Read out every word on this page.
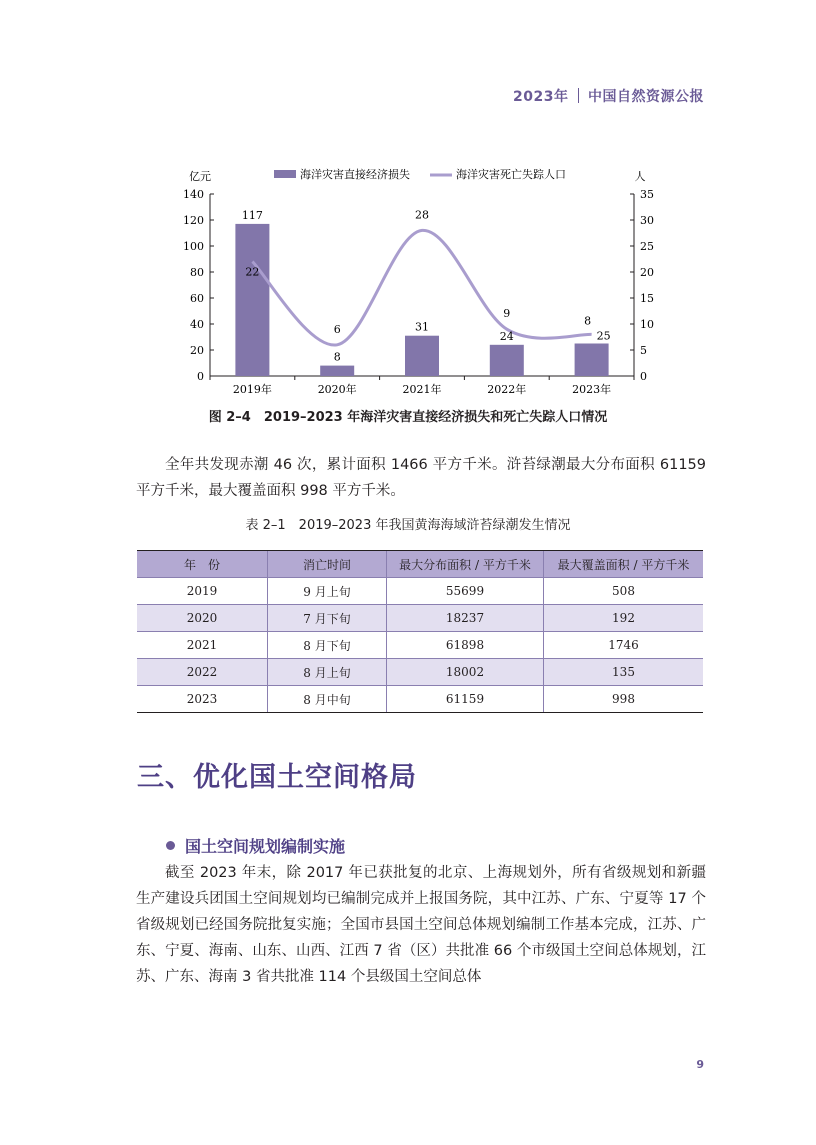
2023年 中国自然资源公报
0
20
40
60
80
100
120
140
0
5
10
15
20
25
30
35
2019年	2020年	2021年	2022年	2023年
亿元	人
117
8
31
24	25
22
6
28
9
8
海洋灾害直接经济损失	海洋灾害死亡失踪人口
图 2–4　2019–2023 年海洋灾害直接经济损失和死亡失踪人口情况
全年共发现赤潮 46 次，累计面积 1466 平方千米。浒苔绿潮最大分布面积 61159 平方千米，最大覆盖面积 998 平方千米。
表 2–1　2019–2023 年我国黄海海域浒苔绿潮发生情况
年　份	消亡时间	最大分布面积 / 平方千米	最大覆盖面积 / 平方千米
2019	9 月上旬	55699	508
2020	7 月下旬	18237	192
2021	8 月下旬	61898	1746
2022	8 月上旬	18002	135
2023	8 月中旬	61159	998
三、优化国土空间格局
国土空间规划编制实施
截至 2023 年末，除 2017 年已获批复的北京、上海规划外，所有省级规划和新疆生产建设兵团国土空间规划均已编制完成并上报国务院，其中江苏、广东、宁夏等 17 个省级规划已经国务院批复实施；全国市县国土空间总体规划编制工作基本完成，江苏、广东、宁夏、海南、山东、山西、江西 7 省（区）共批准 66 个市级国土空间总体规划，江苏、广东、海南 3 省共批准 114 个县级国土空间总体
9
